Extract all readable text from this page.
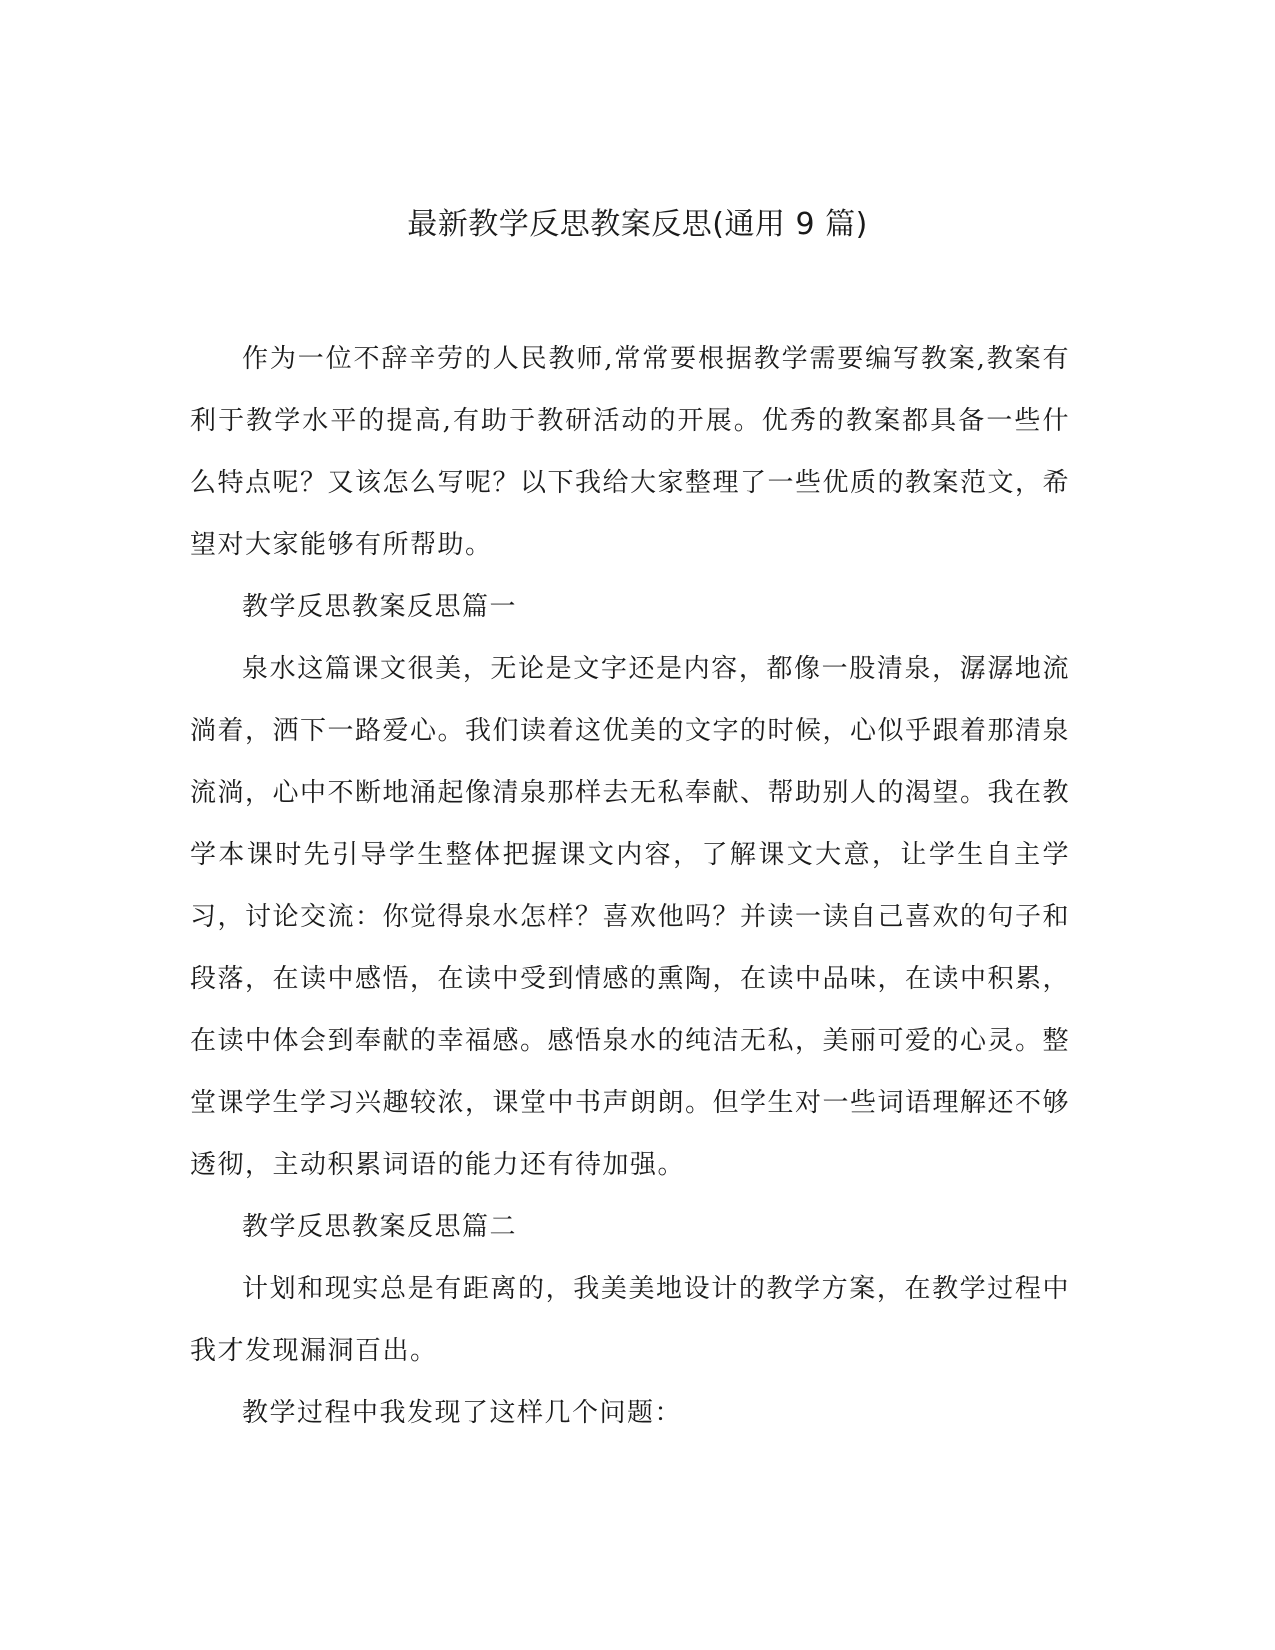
最新教学反思教案反思(通用 9 篇)

作为一位不辞辛劳的人民教师,常常要根据教学需要编写教案,教案有利于教学水平的提高,有助于教研活动的开展。优秀的教案都具备一些什么特点呢？又该怎么写呢？以下我给大家整理了一些优质的教案范文，希望对大家能够有所帮助。

教学反思教案反思篇一

泉水这篇课文很美，无论是文字还是内容，都像一股清泉，潺潺地流淌着，洒下一路爱心。我们读着这优美的文字的时候，心似乎跟着那清泉流淌，心中不断地涌起像清泉那样去无私奉献、帮助别人的渴望。我在教学本课时先引导学生整体把握课文内容，了解课文大意，让学生自主学习，讨论交流：你觉得泉水怎样？喜欢他吗？并读一读自己喜欢的句子和段落，在读中感悟，在读中受到情感的熏陶，在读中品味，在读中积累，在读中体会到奉献的幸福感。感悟泉水的纯洁无私，美丽可爱的心灵。整堂课学生学习兴趣较浓，课堂中书声朗朗。但学生对一些词语理解还不够透彻，主动积累词语的能力还有待加强。

教学反思教案反思篇二

计划和现实总是有距离的，我美美地设计的教学方案，在教学过程中我才发现漏洞百出。

教学过程中我发现了这样几个问题：
